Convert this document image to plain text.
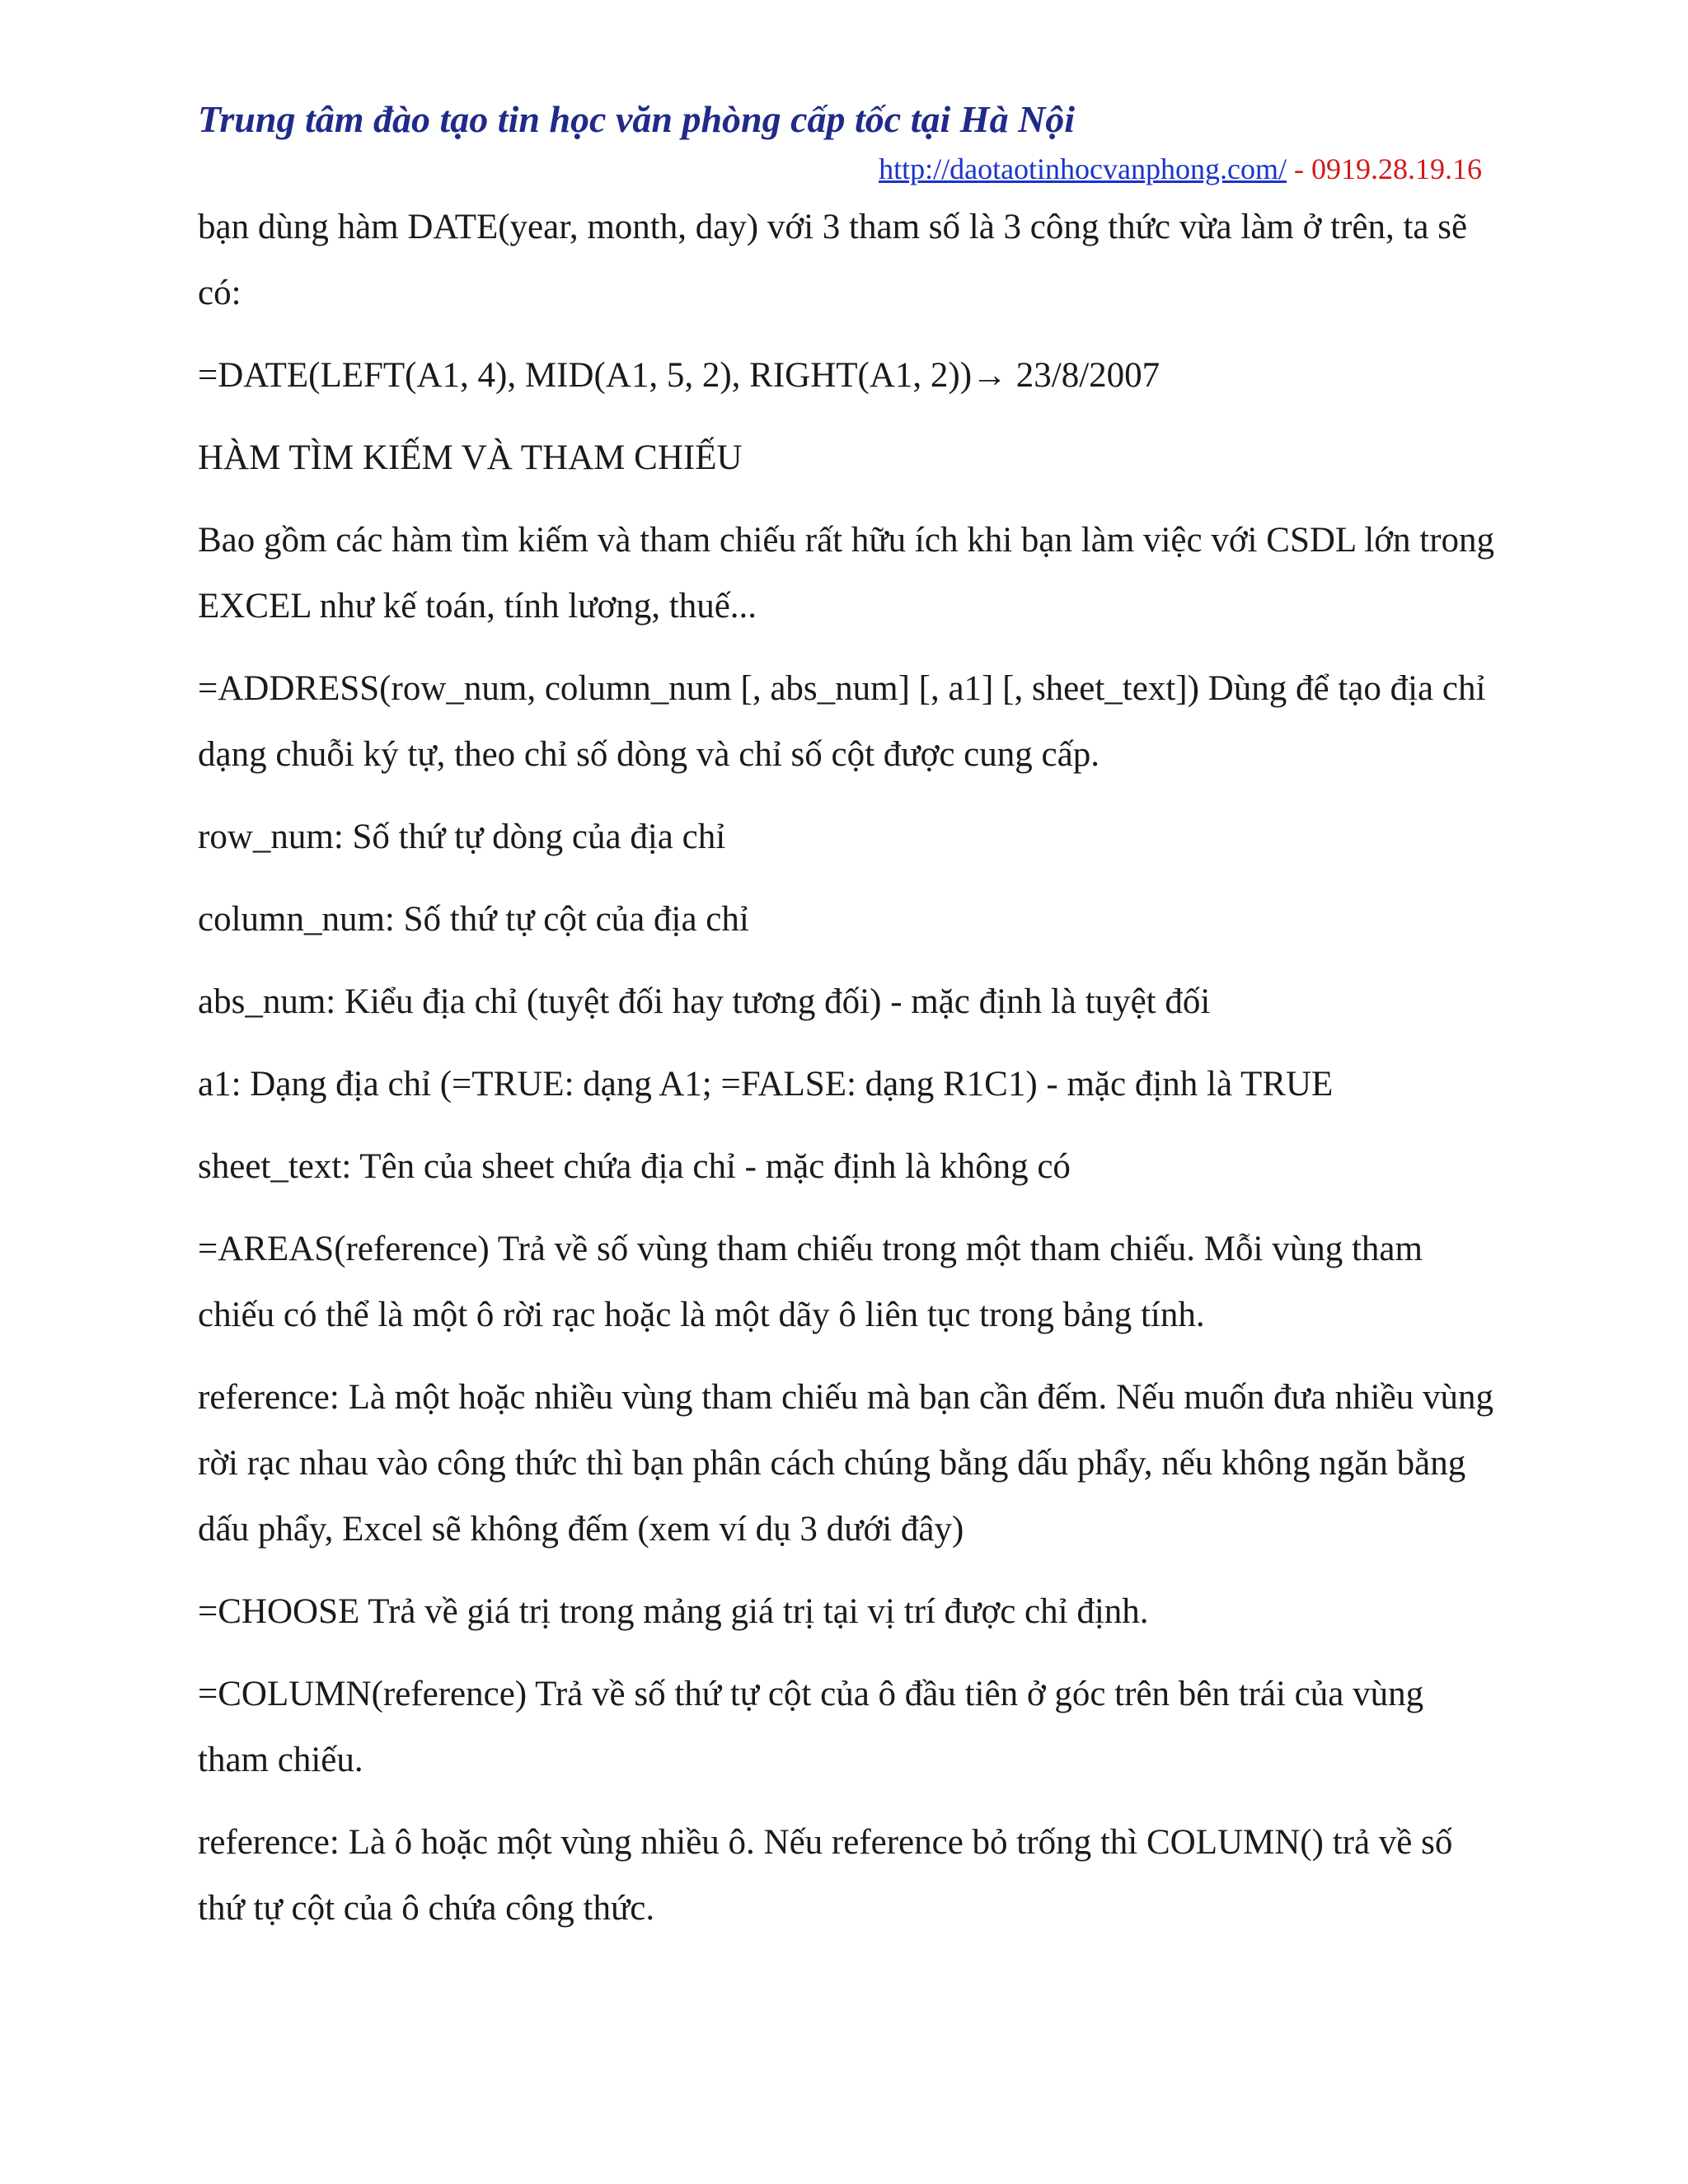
Trung tâm đào tạo tin học văn phòng cấp tốc tại Hà Nội
http://daotaotinhocvanphong.com/ - 0919.28.19.16

bạn dùng hàm DATE(year, month, day) với 3 tham số là 3 công thức vừa làm ở trên, ta sẽ có:

=DATE(LEFT(A1, 4), MID(A1, 5, 2), RIGHT(A1, 2))→ 23/8/2007

HÀM TÌM KIẾM VÀ THAM CHIẾU

Bao gồm các hàm tìm kiếm và tham chiếu rất hữu ích khi bạn làm việc với CSDL lớn trong EXCEL như kế toán, tính lương, thuế...

=ADDRESS(row_num, column_num [, abs_num] [, a1] [, sheet_text]) Dùng để tạo địa chỉ dạng chuỗi ký tự, theo chỉ số dòng và chỉ số cột được cung cấp.

row_num: Số thứ tự dòng của địa chỉ

column_num: Số thứ tự cột của địa chỉ

abs_num: Kiểu địa chỉ (tuyệt đối hay tương đối) - mặc định là tuyệt đối

a1: Dạng địa chỉ (=TRUE: dạng A1; =FALSE: dạng R1C1) - mặc định là TRUE

sheet_text: Tên của sheet chứa địa chỉ - mặc định là không có

=AREAS(reference) Trả về số vùng tham chiếu trong một tham chiếu. Mỗi vùng tham chiếu có thể là một ô rời rạc hoặc là một dãy ô liên tục trong bảng tính.

reference: Là một hoặc nhiều vùng tham chiếu mà bạn cần đếm. Nếu muốn đưa nhiều vùng rời rạc nhau vào công thức thì bạn phân cách chúng bằng dấu phẩy, nếu không ngăn bằng dấu phẩy, Excel sẽ không đếm (xem ví dụ 3 dưới đây)

=CHOOSE Trả về giá trị trong mảng giá trị tại vị trí được chỉ định.

=COLUMN(reference) Trả về số thứ tự cột của ô đầu tiên ở góc trên bên trái của vùng tham chiếu.

reference: Là ô hoặc một vùng nhiều ô. Nếu reference bỏ trống thì COLUMN() trả về số thứ tự cột của ô chứa công thức.
